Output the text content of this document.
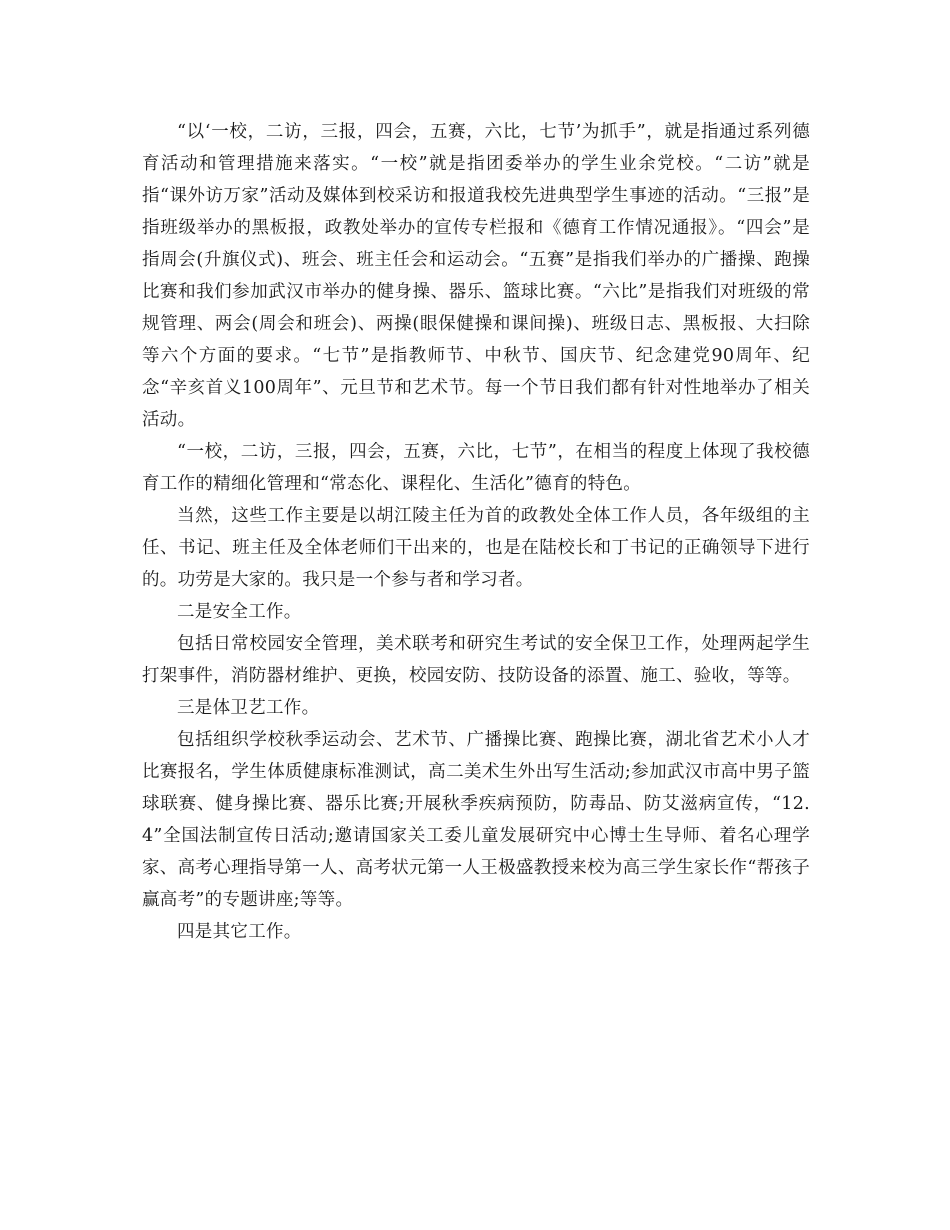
“以‘一校，二访，三报，四会，五赛，六比，七节’为抓手”，就是指通过系列德育活动和管理措施来落实。“一校”就是指团委举办的学生业余党校。“二访”就是指“课外访万家”活动及媒体到校采访和报道我校先进典型学生事迹的活动。“三报”是指班级举办的黑板报，政教处举办的宣传专栏报和《德育工作情况通报》。“四会”是指周会(升旗仪式)、班会、班主任会和运动会。“五赛”是指我们举办的广播操、跑操比赛和我们参加武汉市举办的健身操、器乐、篮球比赛。“六比”是指我们对班级的常规管理、两会(周会和班会)、两操(眼保健操和课间操)、班级日志、黑板报、大扫除等六个方面的要求。“七节”是指教师节、中秋节、国庆节、纪念建党90周年、纪念“辛亥首义100周年”、元旦节和艺术节。每一个节日我们都有针对性地举办了相关活动。

“一校，二访，三报，四会，五赛，六比，七节”，在相当的程度上体现了我校德育工作的精细化管理和“常态化、课程化、生活化”德育的特色。

当然，这些工作主要是以胡江陵主任为首的政教处全体工作人员，各年级组的主任、书记、班主任及全体老师们干出来的，也是在陆校长和丁书记的正确领导下进行的。功劳是大家的。我只是一个参与者和学习者。

二是安全工作。

包括日常校园安全管理，美术联考和研究生考试的安全保卫工作，处理两起学生打架事件，消防器材维护、更换，校园安防、技防设备的添置、施工、验收，等等。

三是体卫艺工作。

包括组织学校秋季运动会、艺术节、广播操比赛、跑操比赛，湖北省艺术小人才比赛报名，学生体质健康标准测试，高二美术生外出写生活动;参加武汉市高中男子篮球联赛、健身操比赛、器乐比赛;开展秋季疾病预防，防毒品、防艾滋病宣传，“12.4”全国法制宣传日活动;邀请国家关工委儿童发展研究中心博士生导师、着名心理学家、高考心理指导第一人、高考状元第一人王极盛教授来校为高三学生家长作“帮孩子赢高考”的专题讲座;等等。

四是其它工作。
